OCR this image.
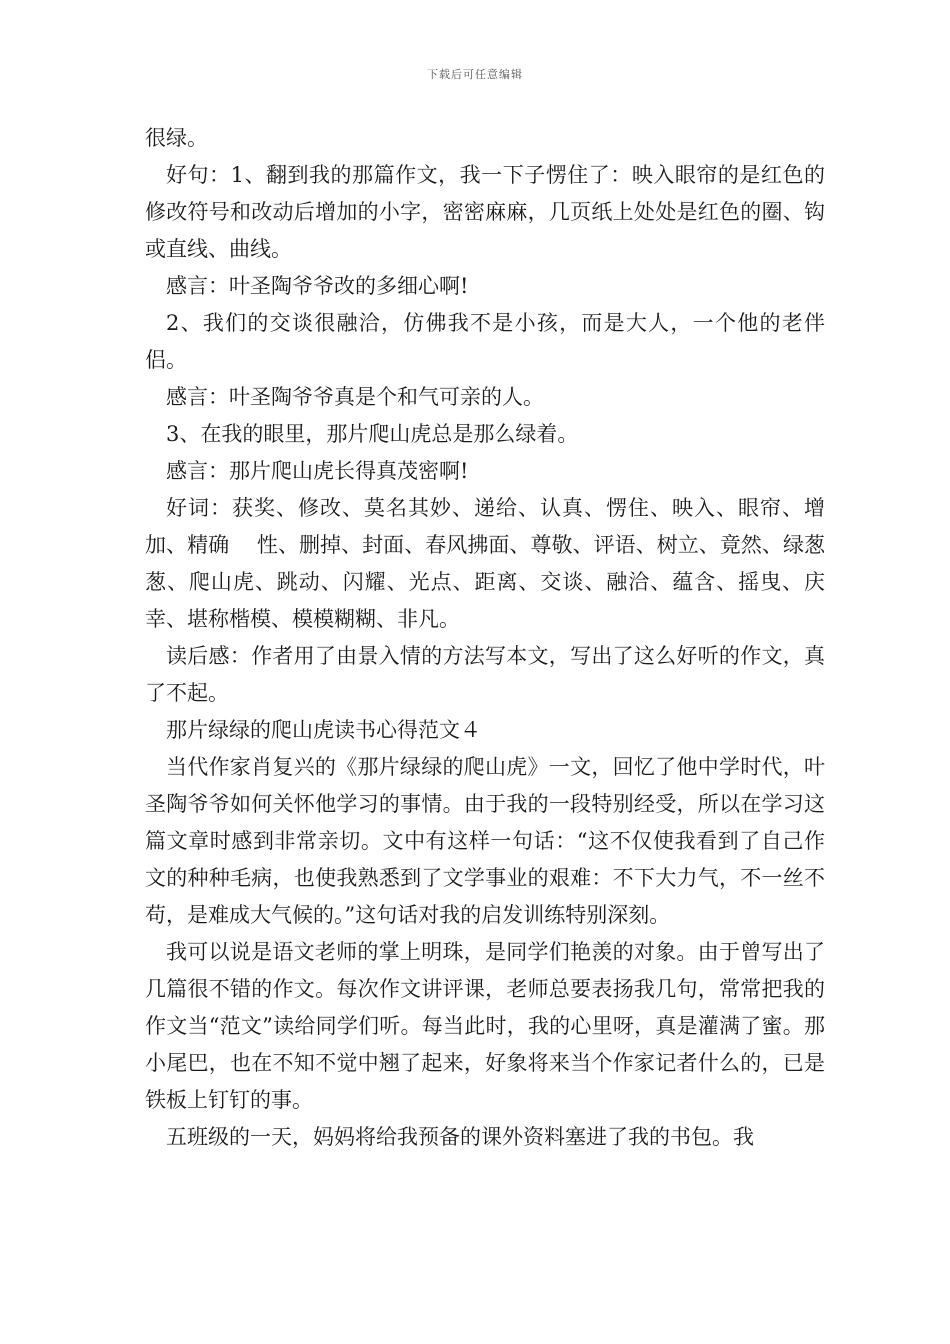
下载后可任意编辑

很绿。

好句：1、翻到我的那篇作文，我一下子愣住了：映入眼帘的是红色的修改符号和改动后增加的小字，密密麻麻，几页纸上处处是红色的圈、钩或直线、曲线。

感言：叶圣陶爷爷改的多细心啊!

2、我们的交谈很融洽，仿佛我不是小孩，而是大人，一个他的老伴侣。

感言：叶圣陶爷爷真是个和气可亲的人。

3、在我的眼里，那片爬山虎总是那么绿着。

感言：那片爬山虎长得真茂密啊!

好词：获奖、修改、莫名其妙、递给、认真、愣住、映入、眼帘、增加、精确　 性、删掉、封面、春风拂面、尊敬、评语、树立、竟然、绿葱葱、爬山虎、跳动、闪耀、光点、距离、交谈、融洽、蕴含、摇曳、庆幸、堪称楷模、模模糊糊、非凡。

读后感：作者用了由景入情的方法写本文，写出了这么好听的作文，真了不起。

那片绿绿的爬山虎读书心得范文４

当代作家肖复兴的《那片绿绿的爬山虎》一文，回忆了他中学时代，叶圣陶爷爷如何关怀他学习的事情。由于我的一段特别经受，所以在学习这篇文章时感到非常亲切。文中有这样一句话：“这不仅使我看到了自己作文的种种毛病，也使我熟悉到了文学事业的艰难：不下大力气，不一丝不苟，是难成大气候的。”这句话对我的启发训练特别深刻。

我可以说是语文老师的掌上明珠，是同学们艳羡的对象。由于曾写出了几篇很不错的作文。每次作文讲评课，老师总要表扬我几句，常常把我的作文当“范文”读给同学们听。每当此时，我的心里呀，真是灌满了蜜。那小尾巴，也在不知不觉中翘了起来，好象将来当个作家记者什么的，已是铁板上钉钉的事。

五班级的一天，妈妈将给我预备的课外资料塞进了我的书包。我
